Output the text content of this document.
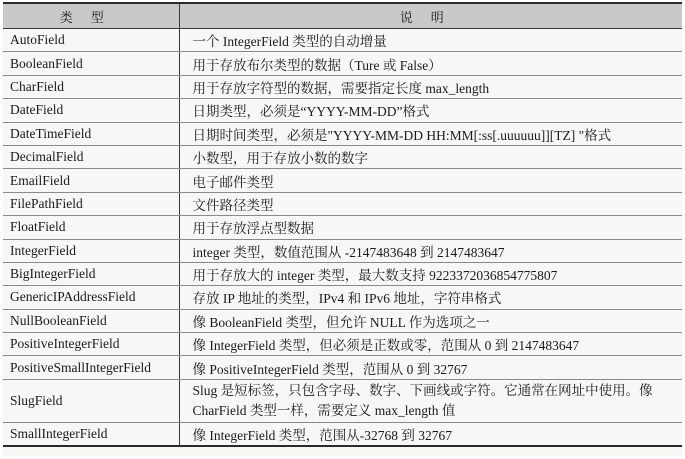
类型	说明
AutoField	一个 IntegerField 类型的自动增量
BooleanField	用于存放布尔类型的数据（Ture 或 False）
CharField	用于存放字符型的数据，需要指定长度 max_length
DateField	日期类型，必须是“YYYY-MM-DD”格式
DateTimeField	日期时间类型，必须是"YYYY-MM-DD HH:MM[:ss[.uuuuuu]][TZ] "格式
DecimalField	小数型，用于存放小数的数字
EmailField	电子邮件类型
FilePathField	文件路径类型
FloatField	用于存放浮点型数据
IntegerField	integer 类型，数值范围从 -2147483648 到 2147483647
BigIntegerField	用于存放大的 integer 类型，最大数支持 9223372036854775807
GenericIPAddressField	存放 IP 地址的类型，IPv4 和 IPv6 地址，字符串格式
NullBooleanField	像 BooleanField 类型，但允许 NULL 作为选项之一
PositiveIntegerField	像 IntegerField 类型，但必须是正数或零，范围从 0 到 2147483647
PositiveSmallIntegerField	像 PositiveIntegerField 类型，范围从 0 到 32767
SlugField	Slug 是短标签，只包含字母、数字、下画线或字符。它通常在网址中使用。像 CharField 类型一样，需要定义 max_length 值
SmallIntegerField	像 IntegerField 类型，范围从-32768 到 32767
